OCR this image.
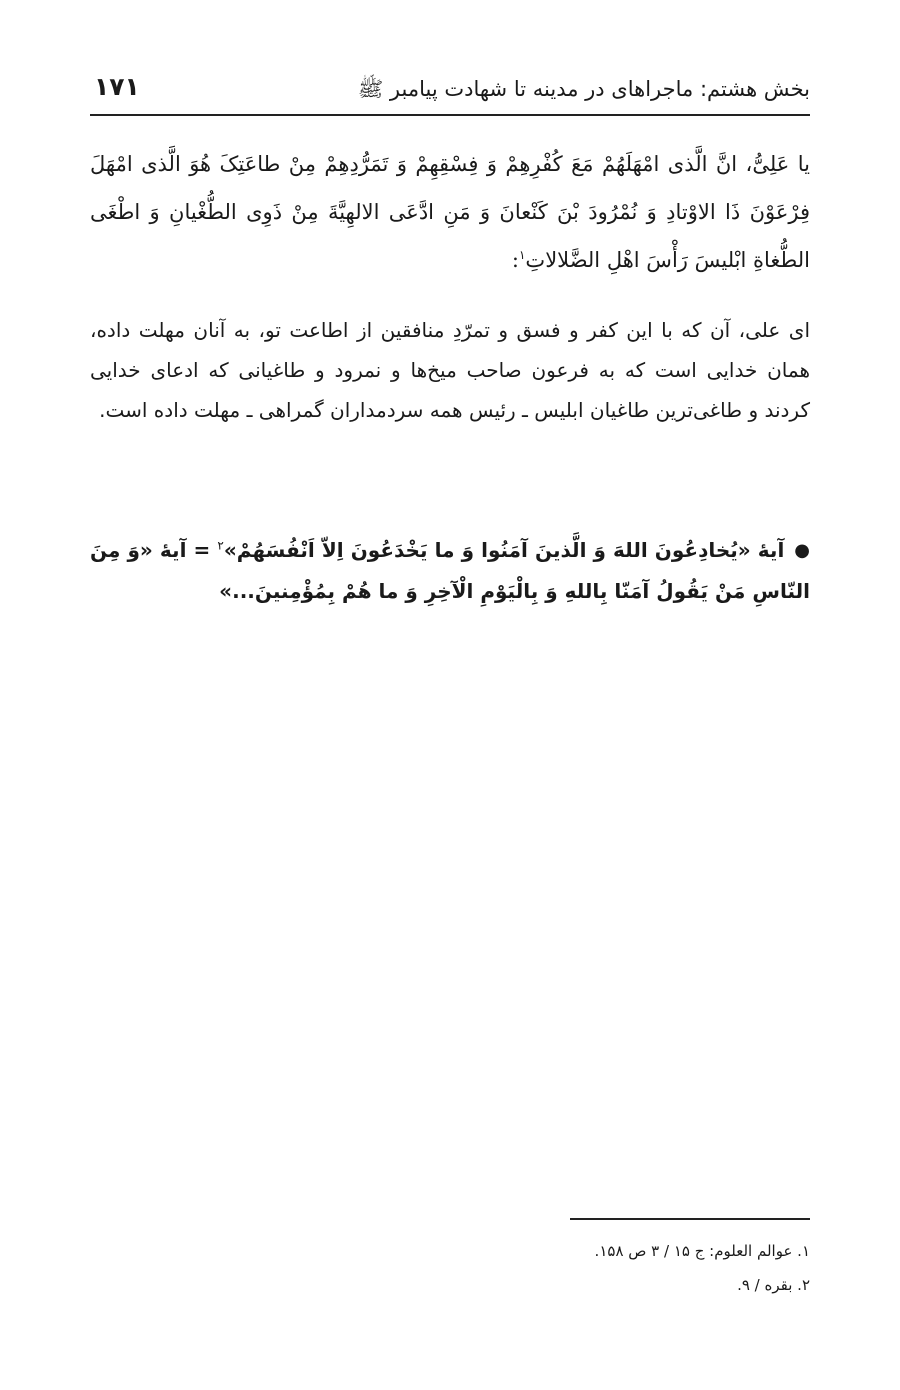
بخش هشتم: ماجراهای در مدینه تا شهادت پیامبر ﷺ
۱۷۱

یا عَلِیُّ، انَّ الَّذی امْهَلَهُمْ مَعَ کُفْرِهِمْ وَ فِسْقِهِمْ وَ تَمَرُّدِهِمْ مِنْ طاعَتِکَ هُوَ الَّذی امْهَلَ فِرْعَوْنَ ذَا الاوْتادِ وَ نُمْرُودَ بْنَ کَنْعانَ وَ مَنِ ادَّعَی الالهِیَّةَ مِنْ ذَوِی الطُّغْیانِ وَ اطْغَی الطُّغاةِ ابْلیسَ رَأْسَ اهْلِ الضَّلالاتِ$^۱$:

ای علی، آن که با این کفر و فسق و تمرّدِ منافقین از اطاعت تو، به آنان مهلت داده، همان خدایی است که به فرعون صاحب میخ‌ها و نمرود و طاغیانی که ادعای خدایی کردند و طاغی‌ترین طاغیان ابلیس ـ رئیس همه سردمداران گمراهی ـ مهلت داده است.

●آیهٔ «یُخادِعُونَ اللهَ وَ الَّذینَ آمَنُوا وَ ما یَخْدَعُونَ اِلاّ اَنْفُسَهُمْ»$^۲$ = آیهٔ «وَ مِنَ النّاسِ مَنْ یَقُولُ آمَنّا بِاللهِ وَ بِالْیَوْمِ الْآخِرِ وَ ما هُمْ بِمُؤْمِنینَ...»

۱. عوالم العلوم: ج ۱۵ / ۳ ص ۱۵۸.
۲. بقره / ۹.
